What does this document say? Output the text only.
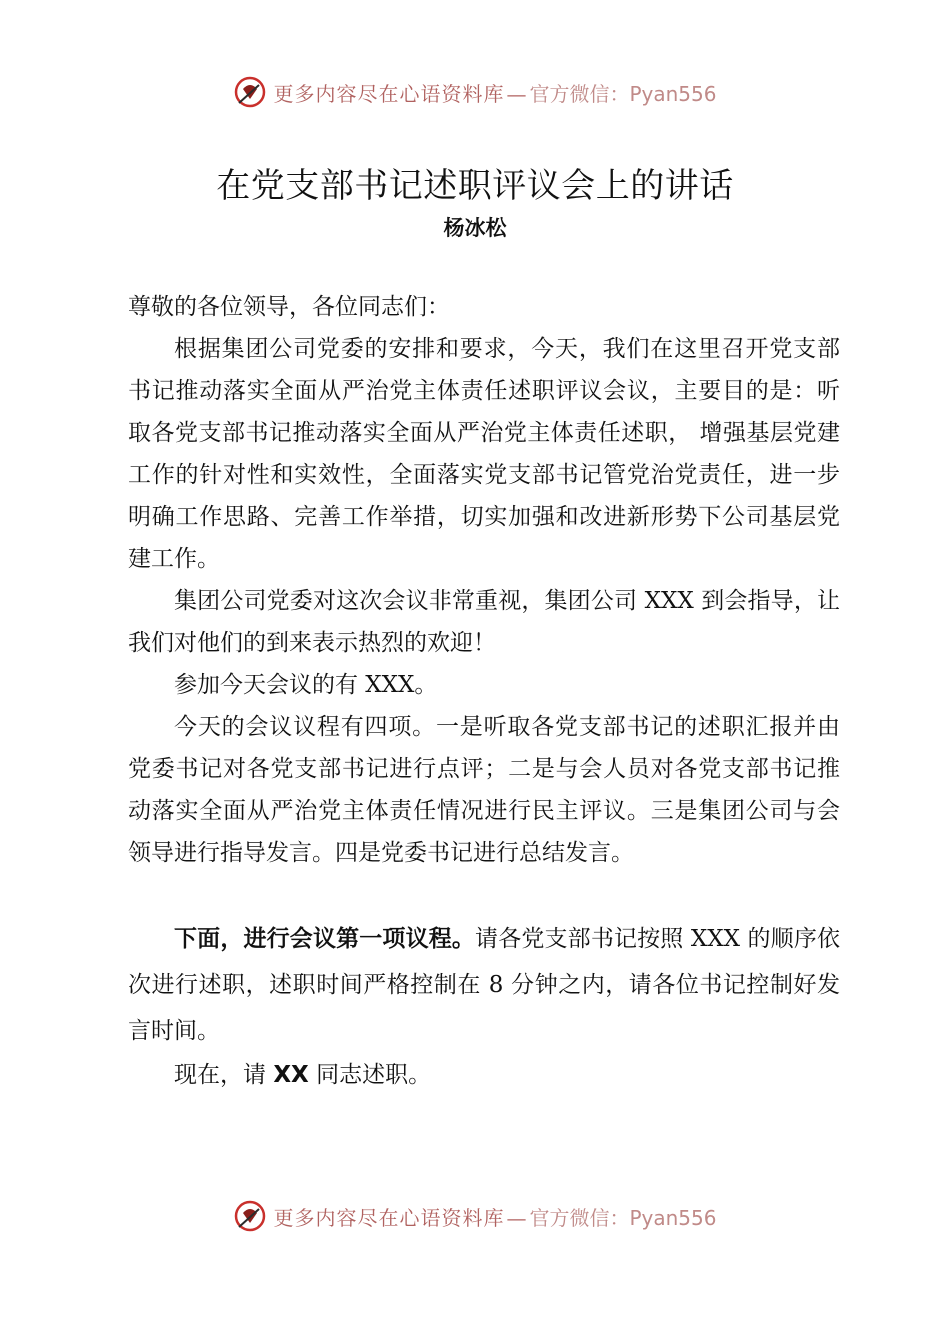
更多内容尽在心语资料库 — 官方微信：Pyan556
在党支部书记述职评议会上的讲话

杨冰松

尊敬的各位领导，各位同志们：

根据集团公司党委的安排和要求，今天，我们在这里召开党支部书记推动落实全面从严治党主体责任述职评议会议，主要目的是：听取各党支部书记推动落实全面从严治党主体责任述职， 增强基层党建工作的针对性和实效性，全面落实党支部书记管党治党责任，进一步明确工作思路、完善工作举措，切实加强和改进新形势下公司基层党建工作。

集团公司党委对这次会议非常重视，集团公司 XXX 到会指导，让我们对他们的到来表示热烈的欢迎！

参加今天会议的有 XXX。

今天的会议议程有四项。一是听取各党支部书记的述职汇报并由党委书记对各党支部书记进行点评；二是与会人员对各党支部书记推动落实全面从严治党主体责任情况进行民主评议。三是集团公司与会领导进行指导发言。四是党委书记进行总结发言。

下面，进行会议第一项议程。请各党支部书记按照 XXX 的顺序依次进行述职，述职时间严格控制在 8 分钟之内，请各位书记控制好发言时间。

现在，请 XX 同志述职。

更多内容尽在心语资料库 — 官方微信：Pyan556
